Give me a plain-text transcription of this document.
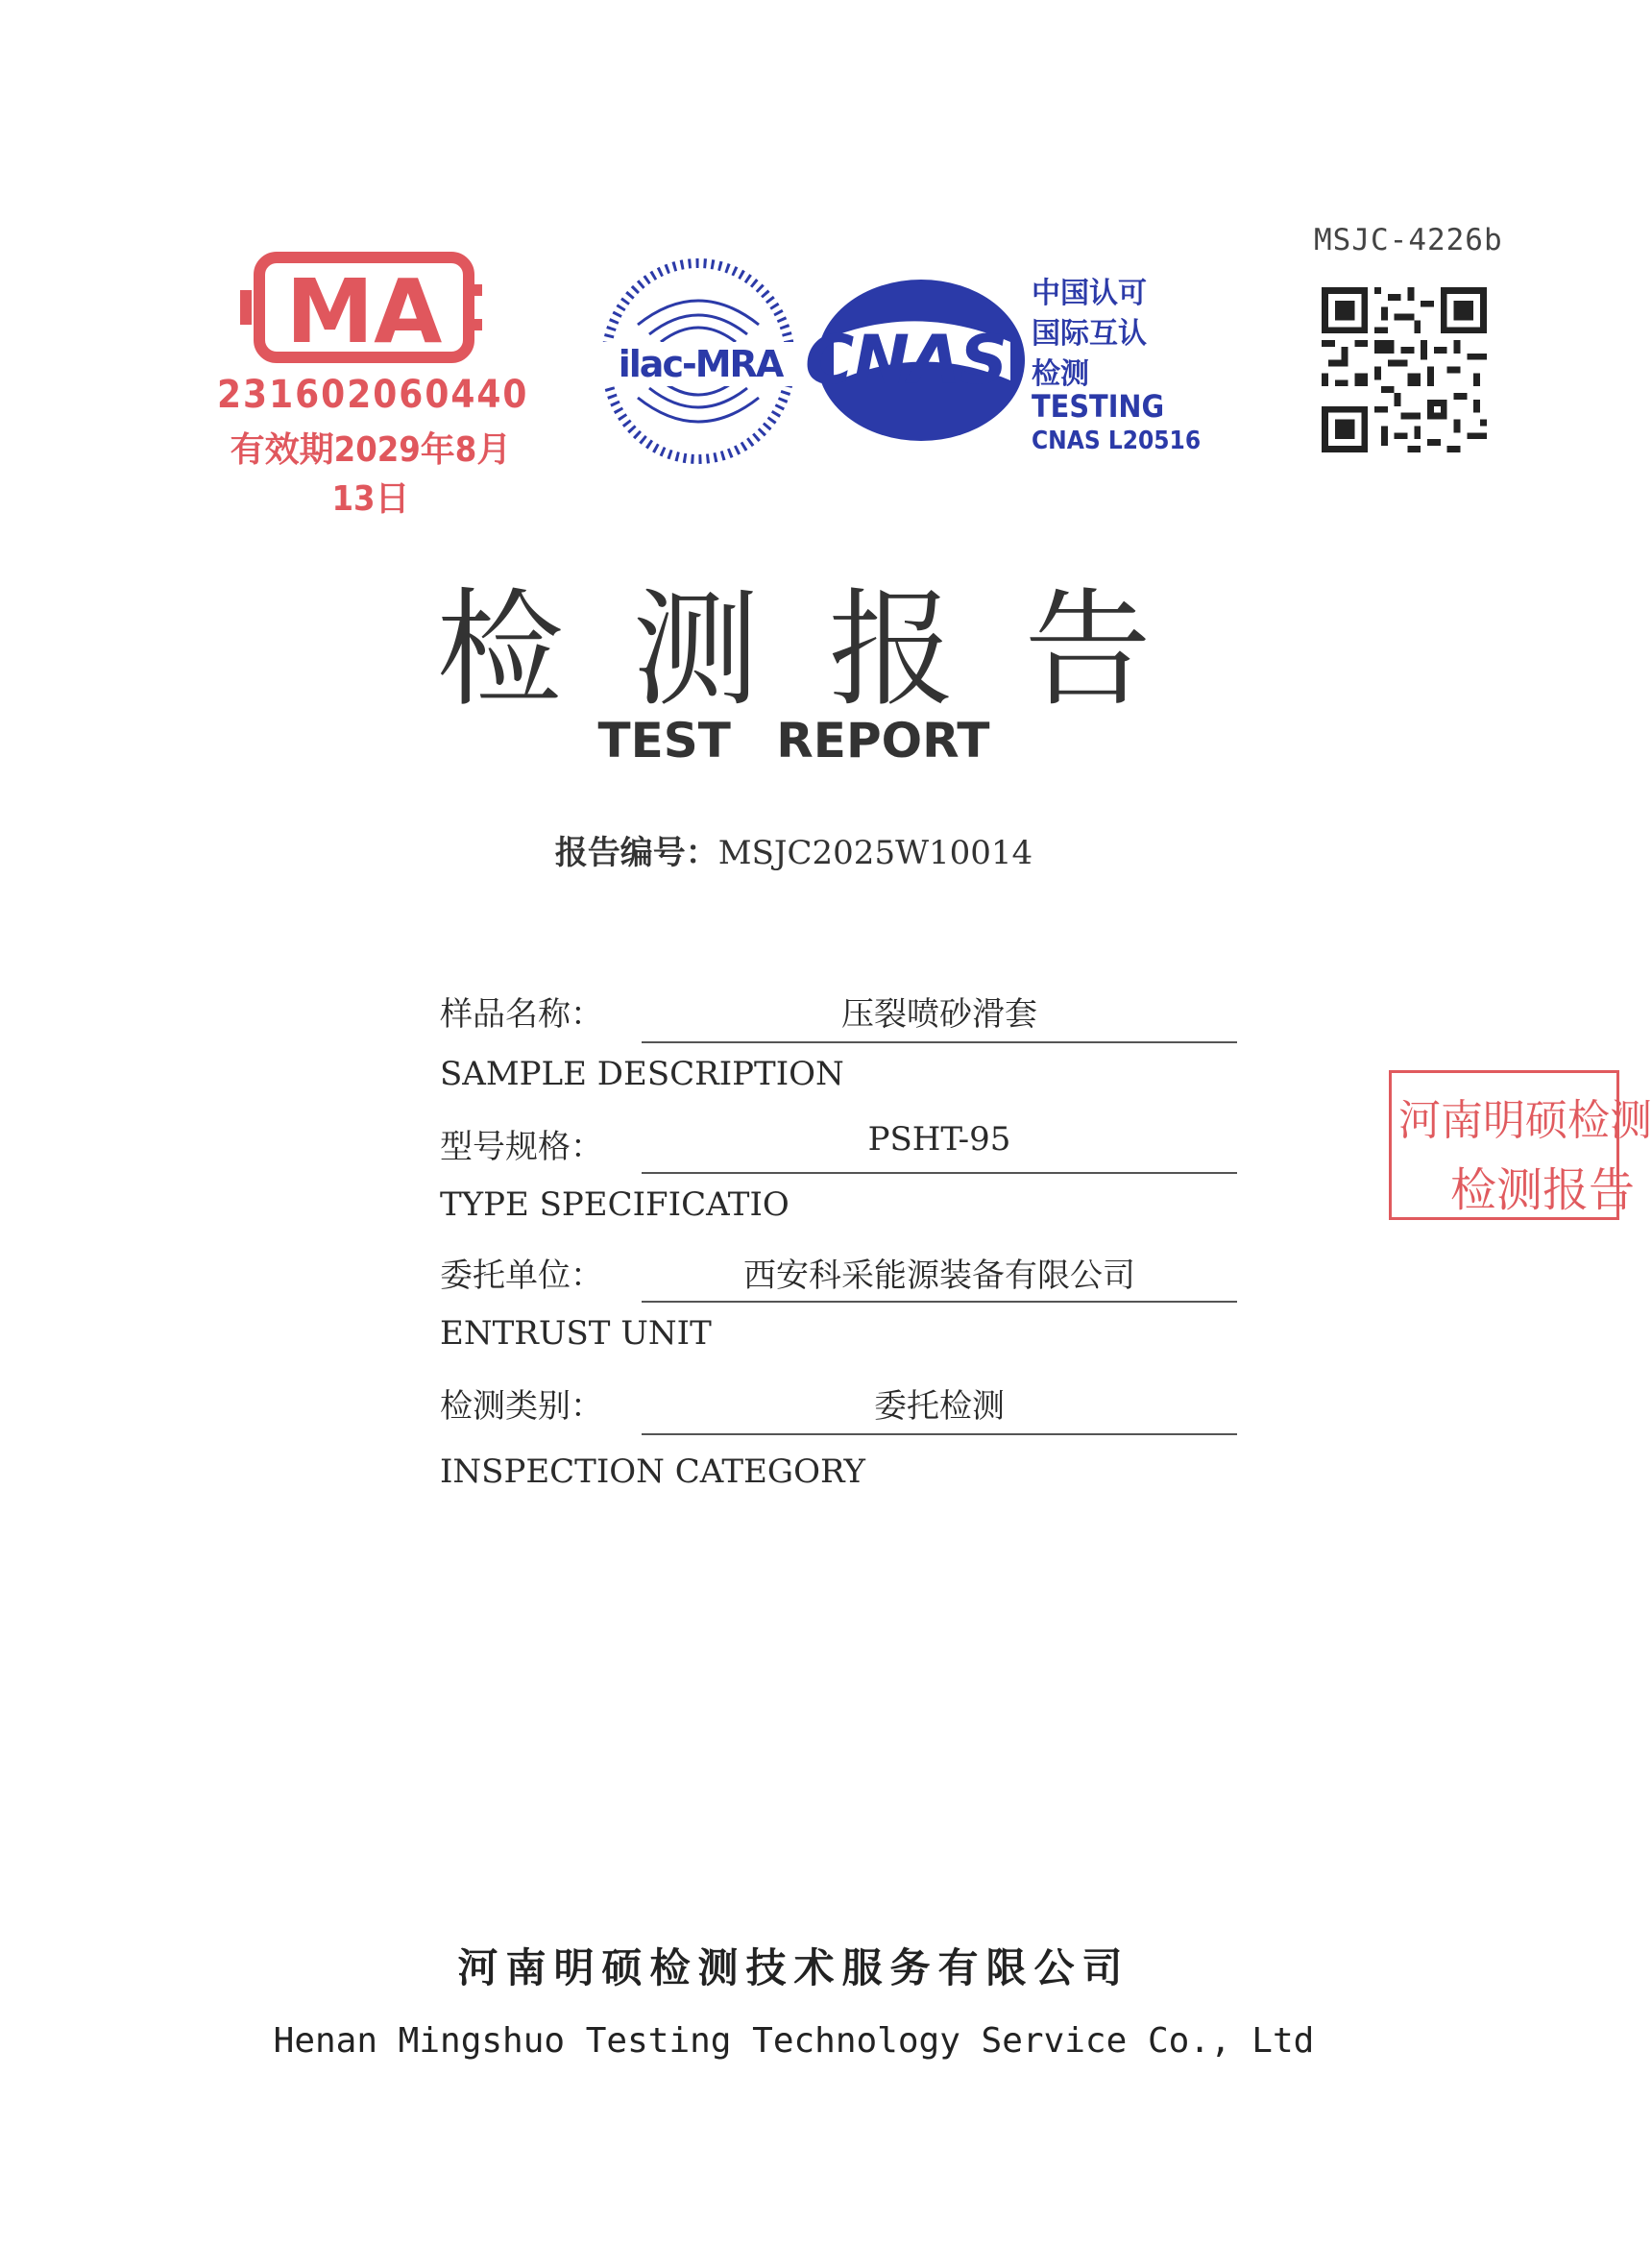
MSJC-4226b
MA
231602060440
有效期2029年8月13日
ilac-MRA CNAS
中国认可
国际互认
检测
TESTING
CNAS L20516
检测报告
TEST REPORT
报告编号：MSJC2025W10014
样品名称：	压裂喷砂滑套
SAMPLE DESCRIPTION
型号规格：	PSHT-95
TYPE SPECIFICATIO
委托单位：	西安科采能源装备有限公司
ENTRUST UNIT
检测类别：	委托检测
INSPECTION CATEGORY
河南明硕检测
检测报告
河南明硕检测技术服务有限公司
Henan Mingshuo Testing Technology Service Co., Ltd
